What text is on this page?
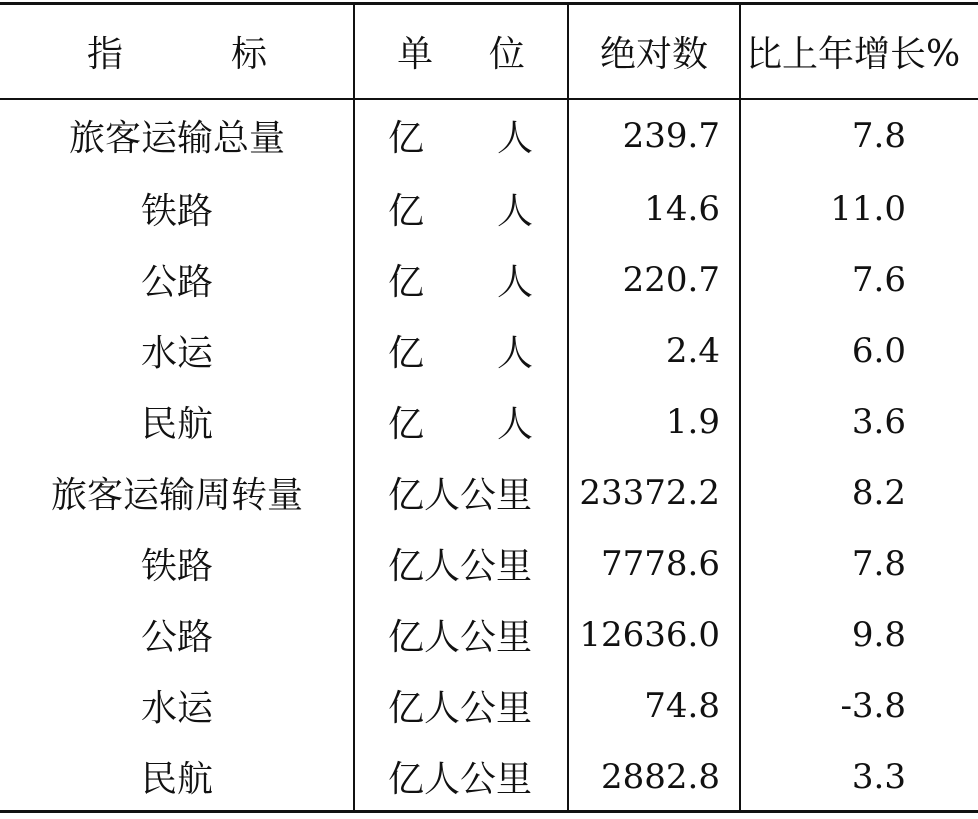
指标	单位	绝对数	比上年增长%
旅客运输总量	亿 人	239.7	7.8
铁路	亿 人	14.6	11.0
公路	亿 人	220.7	7.6
水运	亿 人	2.4	6.0
民航	亿 人	1.9	3.6
旅客运输周转量	亿人公里	23372.2	8.2
铁路	亿人公里	7778.6	7.8
公路	亿人公里	12636.0	9.8
水运	亿人公里	74.8	-3.8
民航	亿人公里	2882.8	3.3
